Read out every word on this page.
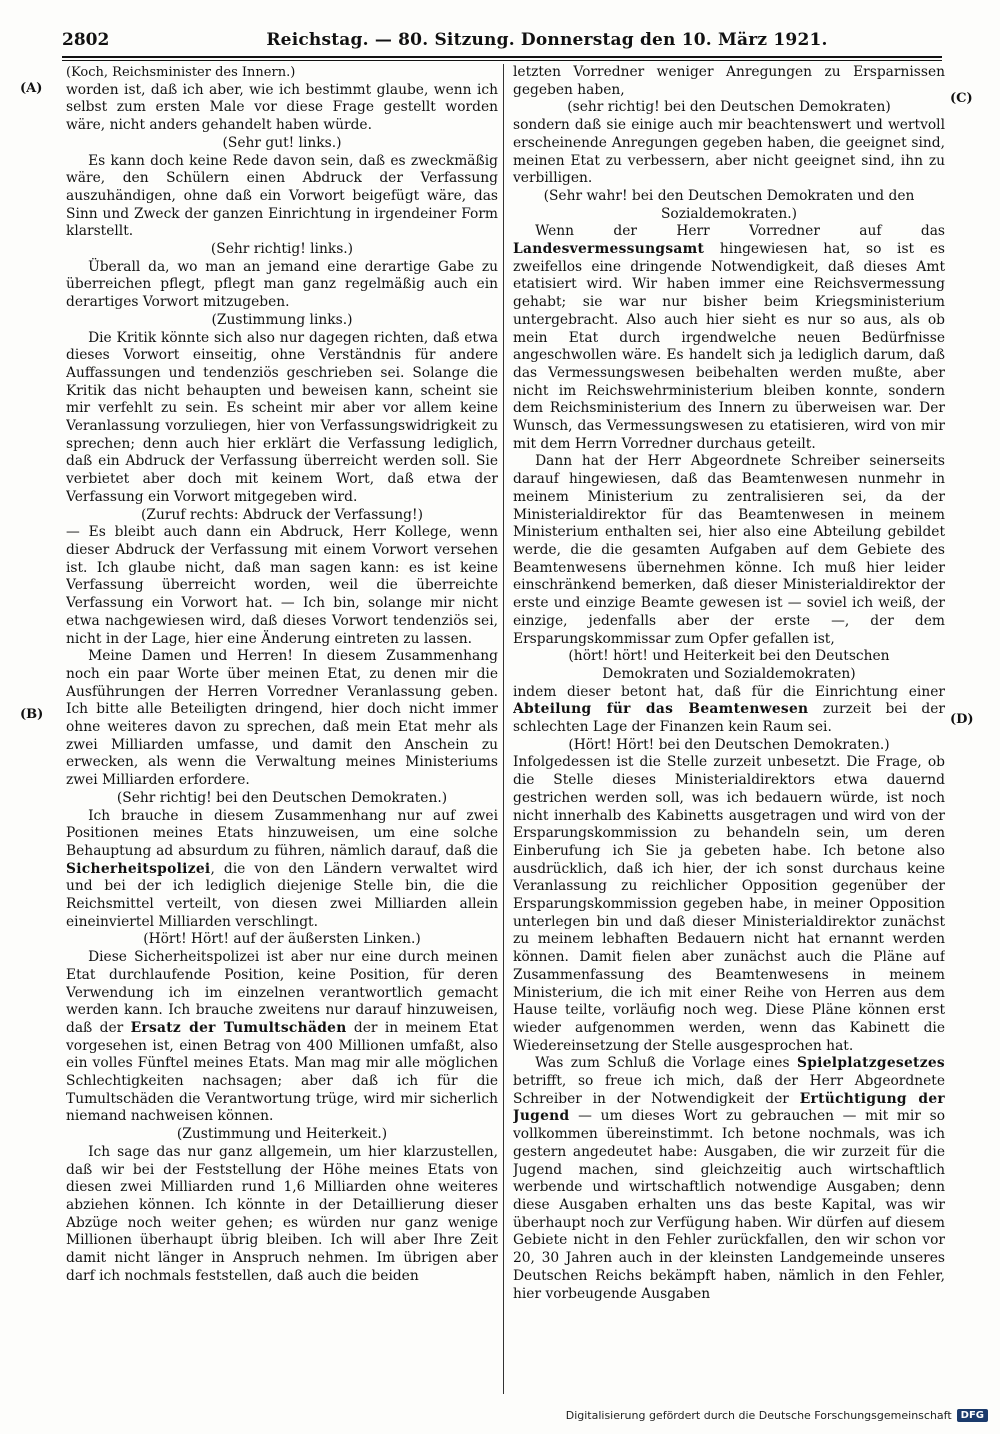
2802	Reichstag. — 80. Sitzung. Donnerstag den 10. März 1921.
(A)
(B)
(C)
(D)

(Koch, Reichsminister des Innern.)

worden ist, daß ich aber, wie ich bestimmt glaube, wenn ich selbst zum ersten Male vor diese Frage gestellt worden wäre, nicht anders gehandelt haben würde.

(Sehr gut! links.)

Es kann doch keine Rede davon sein, daß es zweckmäßig wäre, den Schülern einen Abdruck der Verfassung auszuhändigen, ohne daß ein Vorwort beigefügt wäre, das Sinn und Zweck der ganzen Einrichtung in irgendeiner Form klarstellt.

(Sehr richtig! links.)

Überall da, wo man an jemand eine derartige Gabe zu überreichen pflegt, pflegt man ganz regelmäßig auch ein derartiges Vorwort mitzugeben.

(Zustimmung links.)

Die Kritik könnte sich also nur dagegen richten, daß etwa dieses Vorwort einseitig, ohne Verständnis für andere Auffassungen und tendenziös geschrieben sei. Solange die Kritik das nicht behaupten und beweisen kann, scheint sie mir verfehlt zu sein. Es scheint mir aber vor allem keine Veranlassung vorzuliegen, hier von Verfassungswidrigkeit zu sprechen; denn auch hier erklärt die Verfassung lediglich, daß ein Abdruck der Verfassung überreicht werden soll. Sie verbietet aber doch mit keinem Wort, daß etwa der Verfassung ein Vorwort mitgegeben wird.

(Zuruf rechts: Abdruck der Verfassung!)

— Es bleibt auch dann ein Abdruck, Herr Kollege, wenn dieser Abdruck der Verfassung mit einem Vorwort versehen ist. Ich glaube nicht, daß man sagen kann: es ist keine Verfassung überreicht worden, weil die überreichte Verfassung ein Vorwort hat. — Ich bin, solange mir nicht etwa nachgewiesen wird, daß dieses Vorwort tendenziös sei, nicht in der Lage, hier eine Änderung eintreten zu lassen.

Meine Damen und Herren! In diesem Zusammenhang noch ein paar Worte über meinen Etat, zu denen mir die Ausführungen der Herren Vorredner Veranlassung geben. Ich bitte alle Beteiligten dringend, hier doch nicht immer ohne weiteres davon zu sprechen, daß mein Etat mehr als zwei Milliarden umfasse, und damit den Anschein zu erwecken, als wenn die Verwaltung meines Ministeriums zwei Milliarden erfordere.

(Sehr richtig! bei den Deutschen Demokraten.)

Ich brauche in diesem Zusammenhang nur auf zwei Positionen meines Etats hinzuweisen, um eine solche Behauptung ad absurdum zu führen, nämlich darauf, daß die Sicherheitspolizei, die von den Ländern verwaltet wird und bei der ich lediglich diejenige Stelle bin, die die Reichsmittel verteilt, von diesen zwei Milliarden allein eineinviertel Milliarden verschlingt.

(Hört! Hört! auf der äußersten Linken.)

Diese Sicherheitspolizei ist aber nur eine durch meinen Etat durchlaufende Position, keine Position, für deren Verwendung ich im einzelnen verantwortlich gemacht werden kann. Ich brauche zweitens nur darauf hinzuweisen, daß der Ersatz der Tumultschäden der in meinem Etat vorgesehen ist, einen Betrag von 400 Millionen umfaßt, also ein volles Fünftel meines Etats. Man mag mir alle möglichen Schlechtigkeiten nachsagen; aber daß ich für die Tumultschäden die Verantwortung trüge, wird mir sicherlich niemand nachweisen können.

(Zustimmung und Heiterkeit.)

Ich sage das nur ganz allgemein, um hier klarzustellen, daß wir bei der Feststellung der Höhe meines Etats von diesen zwei Milliarden rund 1,6 Milliarden ohne weiteres abziehen können. Ich könnte in der Detaillierung dieser Abzüge noch weiter gehen; es würden nur ganz wenige Millionen überhaupt übrig bleiben. Ich will aber Ihre Zeit damit nicht länger in Anspruch nehmen. Im übrigen aber darf ich nochmals feststellen, daß auch die beiden

letzten Vorredner weniger Anregungen zu Ersparnissen gegeben haben,

(sehr richtig! bei den Deutschen Demokraten)

sondern daß sie einige auch mir beachtenswert und wertvoll erscheinende Anregungen gegeben haben, die geeignet sind, meinen Etat zu verbessern, aber nicht geeignet sind, ihn zu verbilligen.

(Sehr wahr! bei den Deutschen Demokraten und den Sozialdemokraten.)

Wenn der Herr Vorredner auf das Landesvermessungsamt hingewiesen hat, so ist es zweifellos eine dringende Notwendigkeit, daß dieses Amt etatisiert wird. Wir haben immer eine Reichsvermessung gehabt; sie war nur bisher beim Kriegsministerium untergebracht. Also auch hier sieht es nur so aus, als ob mein Etat durch irgendwelche neuen Bedürfnisse angeschwollen wäre. Es handelt sich ja lediglich darum, daß das Vermessungswesen beibehalten werden mußte, aber nicht im Reichswehrministerium bleiben konnte, sondern dem Reichsministerium des Innern zu überweisen war. Der Wunsch, das Vermessungswesen zu etatisieren, wird von mir mit dem Herrn Vorredner durchaus geteilt.

Dann hat der Herr Abgeordnete Schreiber seinerseits darauf hingewiesen, daß das Beamtenwesen nunmehr in meinem Ministerium zu zentralisieren sei, da der Ministerialdirektor für das Beamtenwesen in meinem Ministerium enthalten sei, hier also eine Abteilung gebildet werde, die die gesamten Aufgaben auf dem Gebiete des Beamtenwesens übernehmen könne. Ich muß hier leider einschränkend bemerken, daß dieser Ministerialdirektor der erste und einzige Beamte gewesen ist — soviel ich weiß, der einzige, jedenfalls aber der erste —, der dem Ersparungskommissar zum Opfer gefallen ist,

(hört! hört! und Heiterkeit bei den Deutschen Demokraten und Sozialdemokraten)

indem dieser betont hat, daß für die Einrichtung einer Abteilung für das Beamtenwesen zurzeit bei der schlechten Lage der Finanzen kein Raum sei.

(Hört! Hört! bei den Deutschen Demokraten.)

Infolgedessen ist die Stelle zurzeit unbesetzt. Die Frage, ob die Stelle dieses Ministerialdirektors etwa dauernd gestrichen werden soll, was ich bedauern würde, ist noch nicht innerhalb des Kabinetts ausgetragen und wird von der Ersparungskommission zu behandeln sein, um deren Einberufung ich Sie ja gebeten habe. Ich betone also ausdrücklich, daß ich hier, der ich sonst durchaus keine Veranlassung zu reichlicher Opposition gegenüber der Ersparungskommission gegeben habe, in meiner Opposition unterlegen bin und daß dieser Ministerialdirektor zunächst zu meinem lebhaften Bedauern nicht hat ernannt werden können. Damit fielen aber zunächst auch die Pläne auf Zusammenfassung des Beamtenwesens in meinem Ministerium, die ich mit einer Reihe von Herren aus dem Hause teilte, vorläufig noch weg. Diese Pläne können erst wieder aufgenommen werden, wenn das Kabinett die Wiedereinsetzung der Stelle ausgesprochen hat.

Was zum Schluß die Vorlage eines Spielplatzgesetzes betrifft, so freue ich mich, daß der Herr Abgeordnete Schreiber in der Notwendigkeit der Ertüchtigung der Jugend — um dieses Wort zu gebrauchen — mit mir so vollkommen übereinstimmt. Ich betone nochmals, was ich gestern angedeutet habe: Ausgaben, die wir zurzeit für die Jugend machen, sind gleichzeitig auch wirtschaftlich werbende und wirtschaftlich notwendige Ausgaben; denn diese Ausgaben erhalten uns das beste Kapital, was wir überhaupt noch zur Verfügung haben. Wir dürfen auf diesem Gebiete nicht in den Fehler zurückfallen, den wir schon vor 20, 30 Jahren auch in der kleinsten Landgemeinde unseres Deutschen Reichs bekämpft haben, nämlich in den Fehler, hier vorbeugende Ausgaben

Digitalisierung gefördert durch die Deutsche Forschungsgemeinschaft DFG
